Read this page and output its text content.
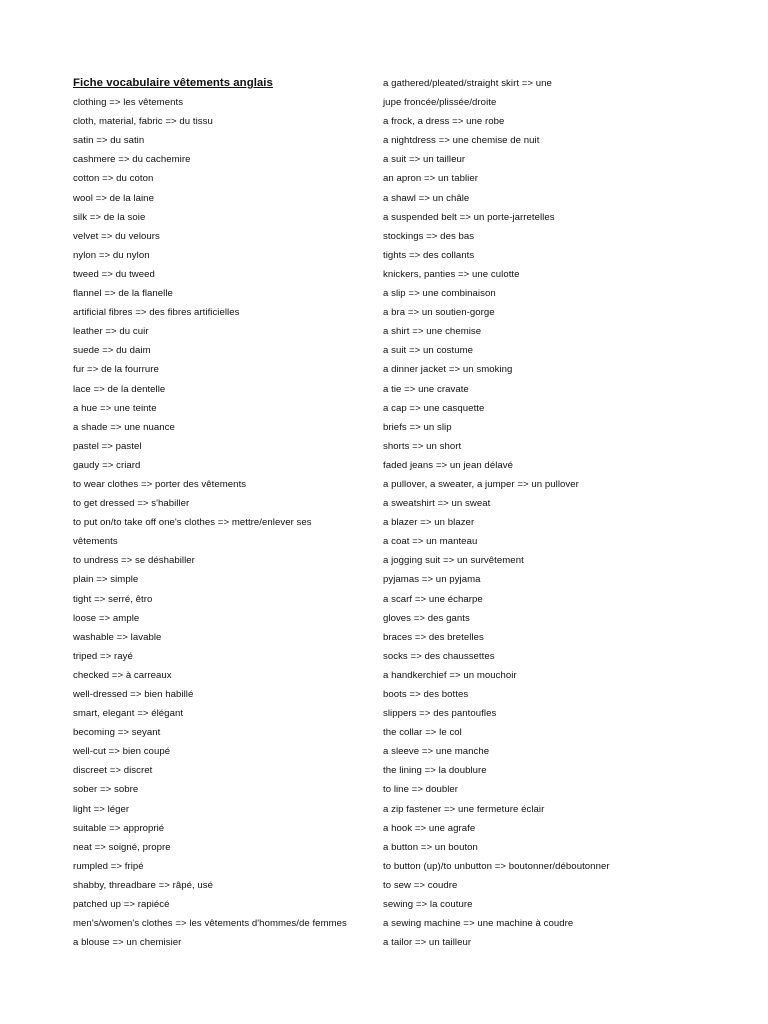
Fiche vocabulaire vêtements anglais
clothing => les vêtements
cloth, material, fabric => du tissu
satin => du satin
cashmere => du cachemire
cotton => du coton
wool => de la laine
silk => de la soie
velvet => du velours
nylon => du nylon
tweed => du tweed
flannel => de la flanelle
artificial fibres => des fibres artificielles
leather => du cuir
suede => du daim
fur => de la fourrure
lace => de la dentelle
a hue => une teinte
a shade => une nuance
pastel => pastel
gaudy => criard
to wear clothes => porter des vêtements
to get dressed => s'habiller
to put on/to take off one's clothes => mettre/enlever ses
vêtements
to undress => se déshabiller
plain => simple
tight => serré, êtro
loose => ample
washable => lavable
triped => rayé
checked => à carreaux
well-dressed => bien habillé
smart, elegant => élégant
becoming => seyant
well-cut => bien coupé
discreet => discret
sober => sobre
light => léger
suitable => approprié
neat => soigné, propre
rumpled => fripé
shabby, threadbare => râpé, usé
patched up => rapiécé
men's/women's clothes => les vêtements d'hommes/de femmes
a blouse => un chemisier
a gathered/pleated/straight skirt => une
jupe froncée/plissée/droite
a frock, a dress => une robe
a nightdress => une chemise de nuit
a suit => un tailleur
an apron => un tablier
a shawl => un châle
a suspended belt => un porte-jarretelles
stockings => des bas
tights => des collants
knickers, panties => une culotte
a slip => une combinaison
a bra => un soutien-gorge
a shirt => une chemise
a suit => un costume
a dinner jacket => un smoking
a tie => une cravate
a cap => une casquette
briefs => un slip
shorts => un short
faded jeans => un jean délavé
a pullover, a sweater, a jumper => un pullover
a sweatshirt => un sweat
a blazer => un blazer
a coat => un manteau
a jogging suit => un survêtement
pyjamas => un pyjama
a scarf => une écharpe
gloves => des gants
braces => des bretelles
socks => des chaussettes
a handkerchief => un mouchoir
boots => des bottes
slippers => des pantoufles
the collar => le col
a sleeve => une manche
the lining => la doublure
to line => doubler
a zip fastener => une fermeture éclair
a hook => une agrafe
a button => un bouton
to button (up)/to unbutton => boutonner/déboutonner
to sew => coudre
sewing => la couture
a sewing machine => une machine à coudre
a tailor => un tailleur
